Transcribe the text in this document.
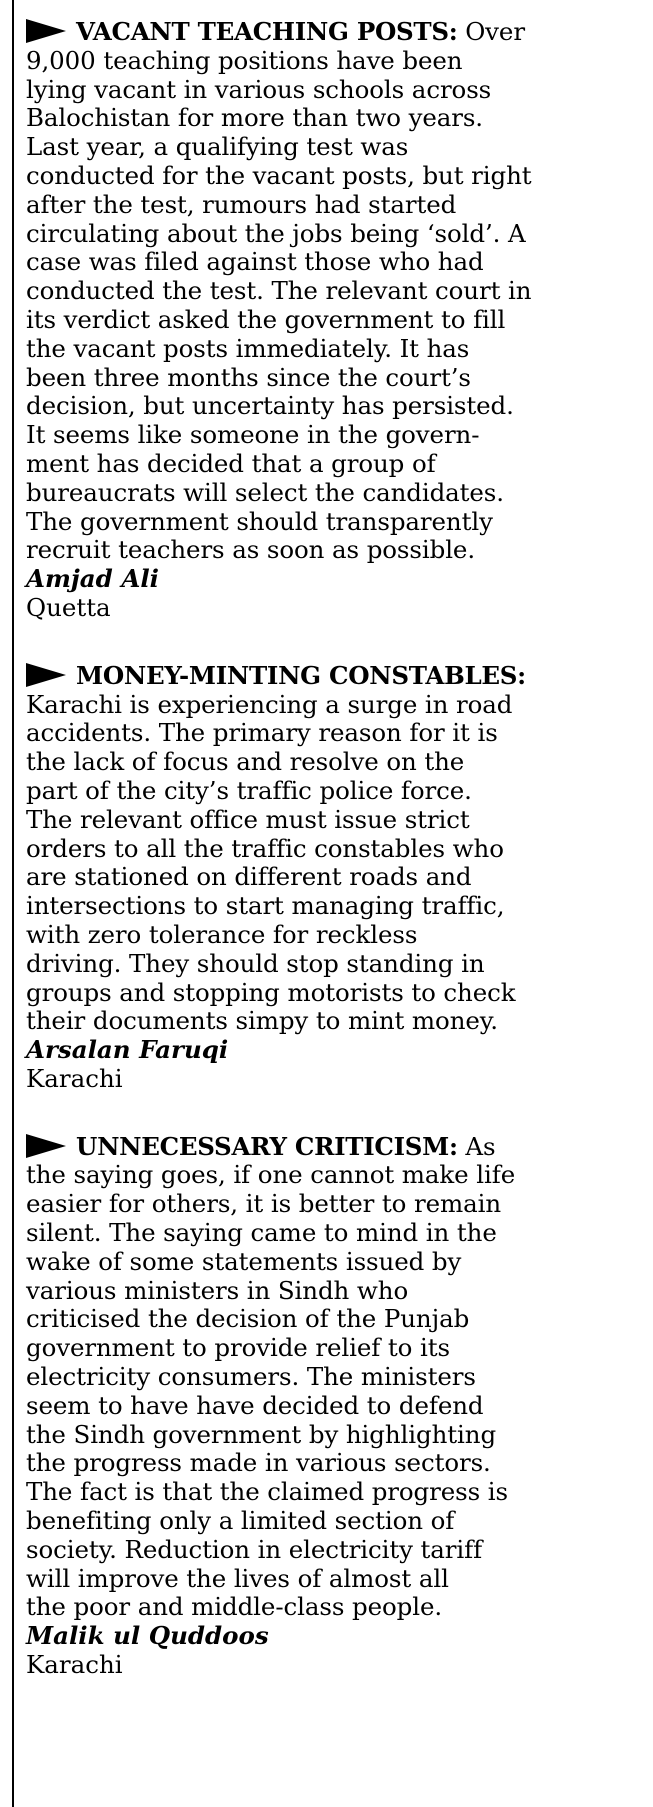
VACANT TEACHING POSTS: Over
9,000 teaching positions have been
lying vacant in various schools across
Balochistan for more than two years.
Last year, a qualifying test was
conducted for the vacant posts, but right
after the test, rumours had started
circulating about the jobs being ‘sold’. A
case was filed against those who had
conducted the test. The relevant court in
its verdict asked the government to fill
the vacant posts immediately. It has
been three months since the court’s
decision, but uncertainty has persisted.
It seems like someone in the govern-
ment has decided that a group of
bureaucrats will select the candidates.
The government should transparently
recruit teachers as soon as possible.

Amjad Ali
Quetta

MONEY-MINTING CONSTABLES:
Karachi is experiencing a surge in road
accidents. The primary reason for it is
the lack of focus and resolve on the
part of the city’s traffic police force.
The relevant office must issue strict
orders to all the traffic constables who
are stationed on different roads and
intersections to start managing traffic,
with zero tolerance for reckless
driving. They should stop standing in
groups and stopping motorists to check
their documents simpy to mint money.

Arsalan Faruqi
Karachi

UNNECESSARY CRITICISM: As
the saying goes, if one cannot make life
easier for others, it is better to remain
silent. The saying came to mind in the
wake of some statements issued by
various ministers in Sindh who
criticised the decision of the Punjab
government to provide relief to its
electricity consumers. The ministers
seem to have have decided to defend
the Sindh government by highlighting
the progress made in various sectors.
The fact is that the claimed progress is
benefiting only a limited section of
society. Reduction in electricity tariff
will improve the lives of almost all
the poor and middle-class people.

Malik ul Quddoos
Karachi
